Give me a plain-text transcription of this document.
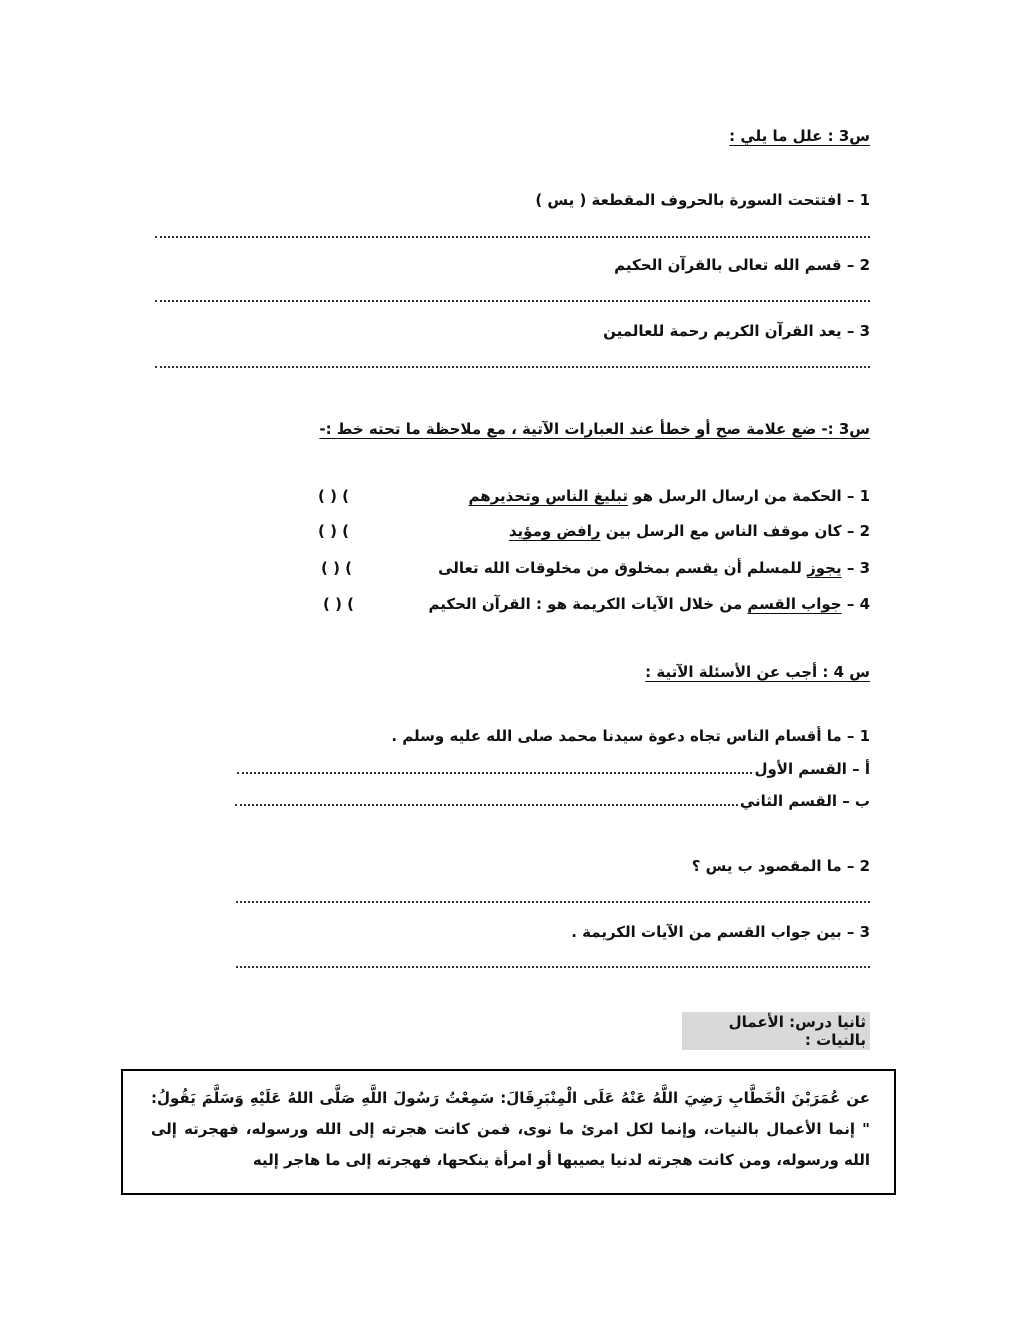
س3 : علل ما يلي :
1 – افتتحت السورة بالحروف المقطعة ( يس )
2 – قسم الله تعالى بالقرآن الحكيم
3 – يعد القرآن الكريم رحمة للعالمين
س3 :- ضع علامة صح أو خطأ عند العبارات الآتية ، مع ملاحظة ما تحته خط :-
1 – الحكمة من ارسال الرسل هو تبليغ الناس وتحذيرهم
( ) (
2 – كان موقف الناس مع الرسل بين رافض ومؤيد
( ) (
3 – يجوز للمسلم أن يقسم بمخلوق من مخلوقات الله تعالى
( ) (
4 – جواب القسم من خلال الآيات الكريمة هو : القرآن الحكيم
( ) (
س 4 : أجب عن الأسئلة الآتية :
1 – ما أقسام الناس تجاه دعوة سيدنا محمد صلى الله عليه وسلم .
أ – القسم الأول
ب – القسم الثاني
2 – ما المقصود ب يس ؟
3 – بين جواب القسم من الآيات الكريمة .
ثانيا درس: الأعمال بالنيات :
عن عُمَرَبْنَ الْخَطَّابِ رَضِيَ اللَّهُ عَنْهُ عَلَى الْمِنْبَرِقَالَ: سَمِعْتُ رَسُولَ اللَّهِ صَلَّى اللهُ عَلَيْهِ وَسَلَّمَ يَقُولُ: " إنما الأعمال بالنيات، وإنما لكل امرئ ما نوى، فمن كانت هجرته إلى الله ورسوله، فهجرته إلى الله ورسوله، ومن كانت هجرته لدنيا يصيبها أو امرأة ينكحها، فهجرته إلى ما هاجر إليه
